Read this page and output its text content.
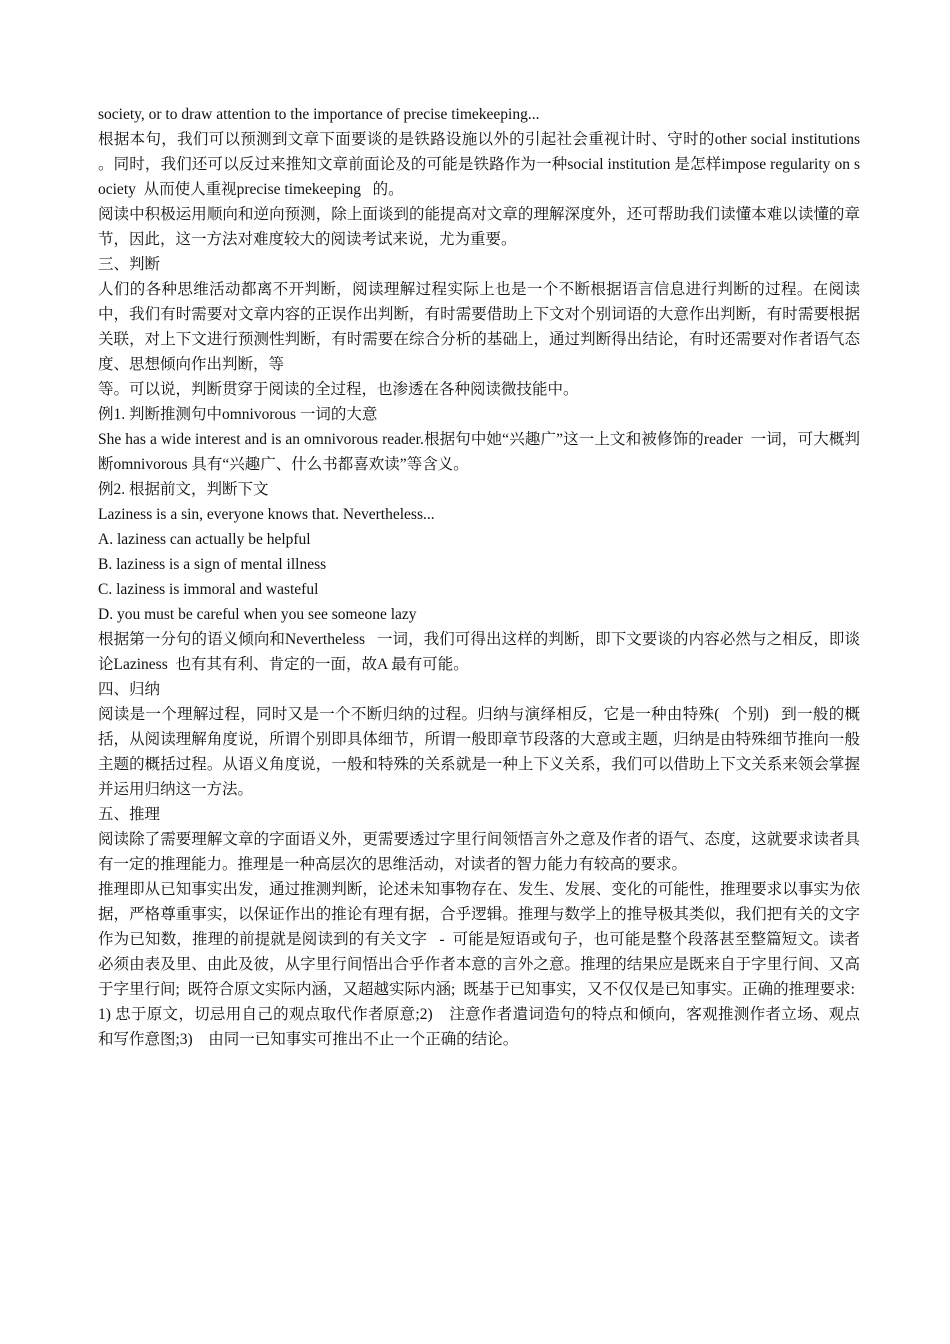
society, or to draw attention to the importance of precise timekeeping...

根据本句，我们可以预测到文章下面要谈的是铁路设施以外的引起社会重视计时、守时的other social institutions  。同时，我们还可以反过来推知文章前面论及的可能是铁路作为一种social institution 是怎样impose regularity on society  从而使人重视precise timekeeping   的。

阅读中积极运用顺向和逆向预测，除上面谈到的能提高对文章的理解深度外，还可帮助我们读懂本难以读懂的章节，因此，这一方法对难度较大的阅读考试来说，尤为重要。

三、判断

人们的各种思维活动都离不开判断，阅读理解过程实际上也是一个不断根据语言信息进行判断的过程。在阅读中，我们有时需要对文章内容的正误作出判断，有时需要借助上下文对个别词语的大意作出判断，有时需要根据关联，对上下文进行预测性判断，有时需要在综合分析的基础上，通过判断得出结论，有时还需要对作者语气态度、思想倾向作出判断，等

等。可以说，判断贯穿于阅读的全过程，也渗透在各种阅读微技能中。

例1. 判断推测句中omnivorous 一词的大意

She has a wide interest and is an omnivorous reader.根据句中她“兴趣广”这一上文和被修饰的reader  一词，可大概判断omnivorous 具有“兴趣广、什么书都喜欢读”等含义。

例2. 根据前文，判断下文

Laziness is a sin, everyone knows that. Nevertheless...

A. laziness can actually be helpful

B. laziness is a sign of mental illness

C. laziness is immoral and wasteful

D. you must be careful when you see someone lazy

根据第一分句的语义倾向和Nevertheless   一词，我们可得出这样的判断，即下文要谈的内容必然与之相反，即谈论Laziness  也有其有利、肯定的一面，故A 最有可能。

四、归纳

阅读是一个理解过程，同时又是一个不断归纳的过程。归纳与演绎相反，它是一种由特殊(   个别)   到一般的概括，从阅读理解角度说，所谓个别即具体细节，所谓一般即章节段落的大意或主题，归纳是由特殊细节推向一般主题的概括过程。从语义角度说，一般和特殊的关系就是一种上下义关系，我们可以借助上下文关系来领会掌握并运用归纳这一方法。

五、推理

阅读除了需要理解文章的字面语义外，更需要透过字里行间领悟言外之意及作者的语气、态度，这就要求读者具有一定的推理能力。推理是一种高层次的思维活动，对读者的智力能力有较高的要求。

推理即从已知事实出发，通过推测判断，论述未知事物存在、发生、发展、变化的可能性，推理要求以事实为依据，严格尊重事实，以保证作出的推论有理有据，合乎逻辑。推理与数学上的推导极其类似，我们把有关的文字作为已知数，推理的前提就是阅读到的有关文字   -  可能是短语或句子，也可能是整个段落甚至整篇短文。读者必须由表及里、由此及彼，从字里行间悟出合乎作者本意的言外之意。推理的结果应是既来自于字里行间、又高于字里行间;  既符合原文实际内涵，又超越实际内涵;  既基于已知事实，又不仅仅是已知事实。正确的推理要求:

1) 忠于原文，切忌用自己的观点取代作者原意;2)    注意作者遣词造句的特点和倾向，客观推测作者立场、观点和写作意图;3)    由同一已知事实可推出不止一个正确的结论。
